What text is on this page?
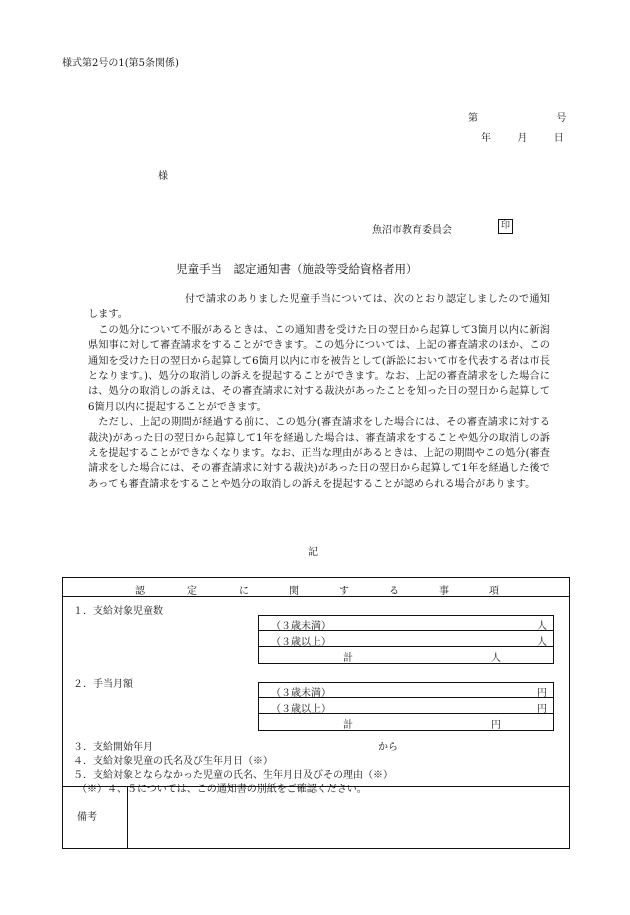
様式第2号の1(第5条関係)
第	号
年	月	日
様
魚沼市教育委員会	印
児童手当　認定通知書（施設等受給資格者用）

付で請求のありました児童手当については、次のとおり認定しましたので通知します。

この処分について不服があるときは、この通知書を受けた日の翌日から起算して3箇月以内に新潟県知事に対して審査請求をすることができます。この処分については、上記の審査請求のほか、この通知を受けた日の翌日から起算して6箇月以内に市を被告として(訴訟において市を代表する者は市長となります。)、処分の取消しの訴えを提起することができます。なお、上記の審査請求をした場合には、処分の取消しの訴えは、その審査請求に対する裁決があったことを知った日の翌日から起算して6箇月以内に提起することができます。

ただし、上記の期間が経過する前に、この処分(審査請求をした場合には、その審査請求に対する裁決)があった日の翌日から起算して1年を経過した場合は、審査請求をすることや処分の取消しの訴えを提起することができなくなります。なお、正当な理由があるときは、上記の期間やこの処分(審査請求をした場合には、その審査請求に対する裁決)があった日の翌日から起算して1年を経過した後であっても審査請求をすることや処分の取消しの訴えを提起することが認められる場合があります。

記
認	定	に	関	す	る	事	項
１．支給対象児童数
（３歳未満）	人
（３歳以上）	人
計	人
２．手当月額
（３歳未満）	円
（３歳以上）	円
計	円
３．支給開始年月	から
４．支給対象児童の氏名及び生年月日（※）
５．支給対象とならなかった児童の氏名、生年月日及びその理由（※）
（※）４、５については、この通知書の別紙をご確認ください。
備考
